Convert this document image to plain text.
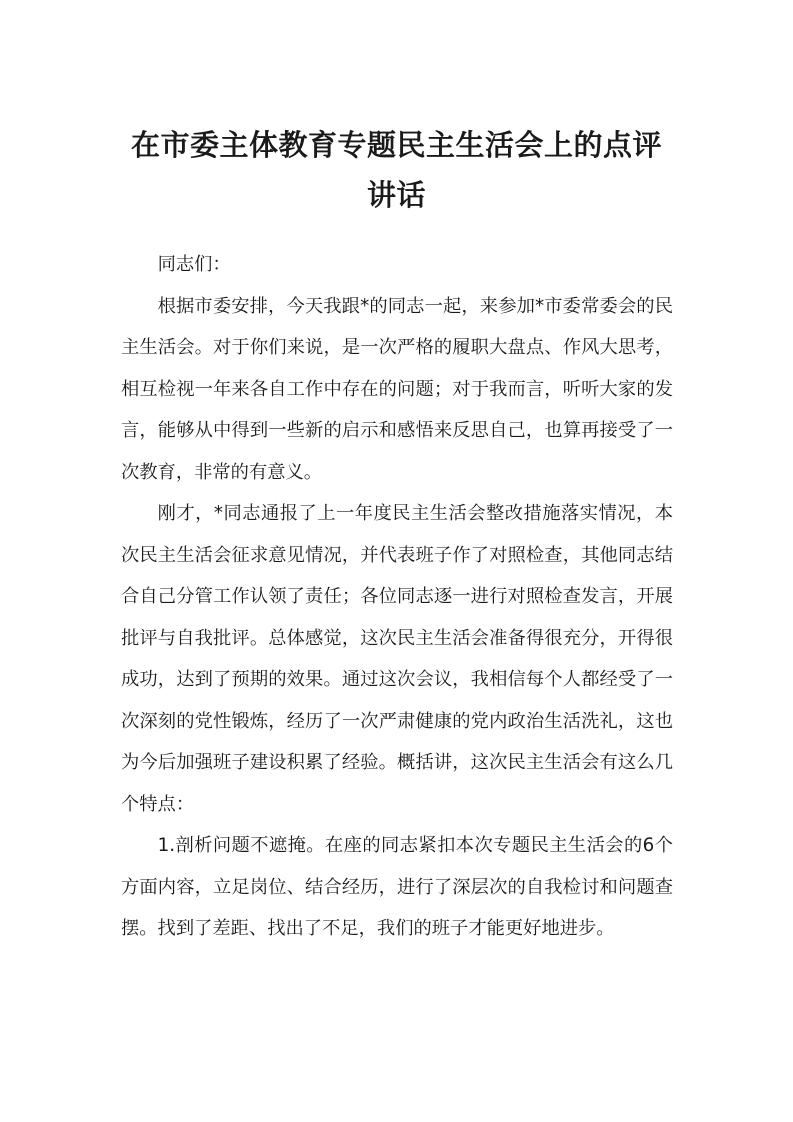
在市委主体教育专题民主生活会上的点评讲话

同志们：

根据市委安排，今天我跟*的同志一起，来参加*市委常委会的民主生活会。对于你们来说，是一次严格的履职大盘点、作风大思考，相互检视一年来各自工作中存在的问题；对于我而言，听听大家的发言，能够从中得到一些新的启示和感悟来反思自己，也算再接受了一次教育，非常的有意义。

刚才，*同志通报了上一年度民主生活会整改措施落实情况，本次民主生活会征求意见情况，并代表班子作了对照检查，其他同志结合自己分管工作认领了责任；各位同志逐一进行对照检查发言，开展批评与自我批评。总体感觉，这次民主生活会准备得很充分，开得很成功，达到了预期的效果。通过这次会议，我相信每个人都经受了一次深刻的党性锻炼，经历了一次严肃健康的党内政治生活洗礼，这也为今后加强班子建设积累了经验。概括讲，这次民主生活会有这么几个特点：

1.剖析问题不遮掩。在座的同志紧扣本次专题民主生活会的6个方面内容，立足岗位、结合经历，进行了深层次的自我检讨和问题查摆。找到了差距、找出了不足，我们的班子才能更好地进步。
